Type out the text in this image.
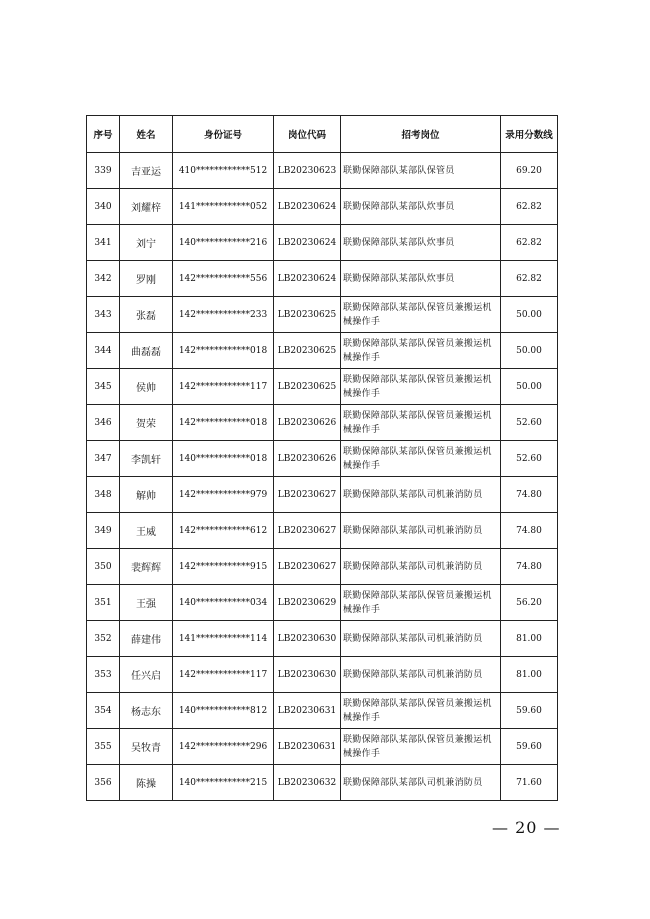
序号	姓名	身份证号	岗位代码	招考岗位	录用分数线
339	吉亚运	410************512	LB20230623	联勤保障部队某部队保管员	69.20
340	刘耀梓	141************052	LB20230624	联勤保障部队某部队炊事员	62.82
341	刘宁	140************216	LB20230624	联勤保障部队某部队炊事员	62.82
342	罗刚	142************556	LB20230624	联勤保障部队某部队炊事员	62.82
343	张磊	142************233	LB20230625	联勤保障部队某部队保管员兼搬运机械操作手	50.00
344	曲磊磊	142************018	LB20230625	联勤保障部队某部队保管员兼搬运机械操作手	50.00
345	侯帅	142************117	LB20230625	联勤保障部队某部队保管员兼搬运机械操作手	50.00
346	贺荣	142************018	LB20230626	联勤保障部队某部队保管员兼搬运机械操作手	52.60
347	李凯轩	140************018	LB20230626	联勤保障部队某部队保管员兼搬运机械操作手	52.60
348	解帅	142************979	LB20230627	联勤保障部队某部队司机兼消防员	74.80
349	王威	142************612	LB20230627	联勤保障部队某部队司机兼消防员	74.80
350	裴辉辉	142************915	LB20230627	联勤保障部队某部队司机兼消防员	74.80
351	王强	140************034	LB20230629	联勤保障部队某部队保管员兼搬运机械操作手	56.20
352	薛建伟	141************114	LB20230630	联勤保障部队某部队司机兼消防员	81.00
353	任兴启	142************117	LB20230630	联勤保障部队某部队司机兼消防员	81.00
354	杨志东	140************812	LB20230631	联勤保障部队某部队保管员兼搬运机械操作手	59.60
355	吴牧青	142************296	LB20230631	联勤保障部队某部队保管员兼搬运机械操作手	59.60
356	陈操	140************215	LB20230632	联勤保障部队某部队司机兼消防员	71.60
— 20 —
